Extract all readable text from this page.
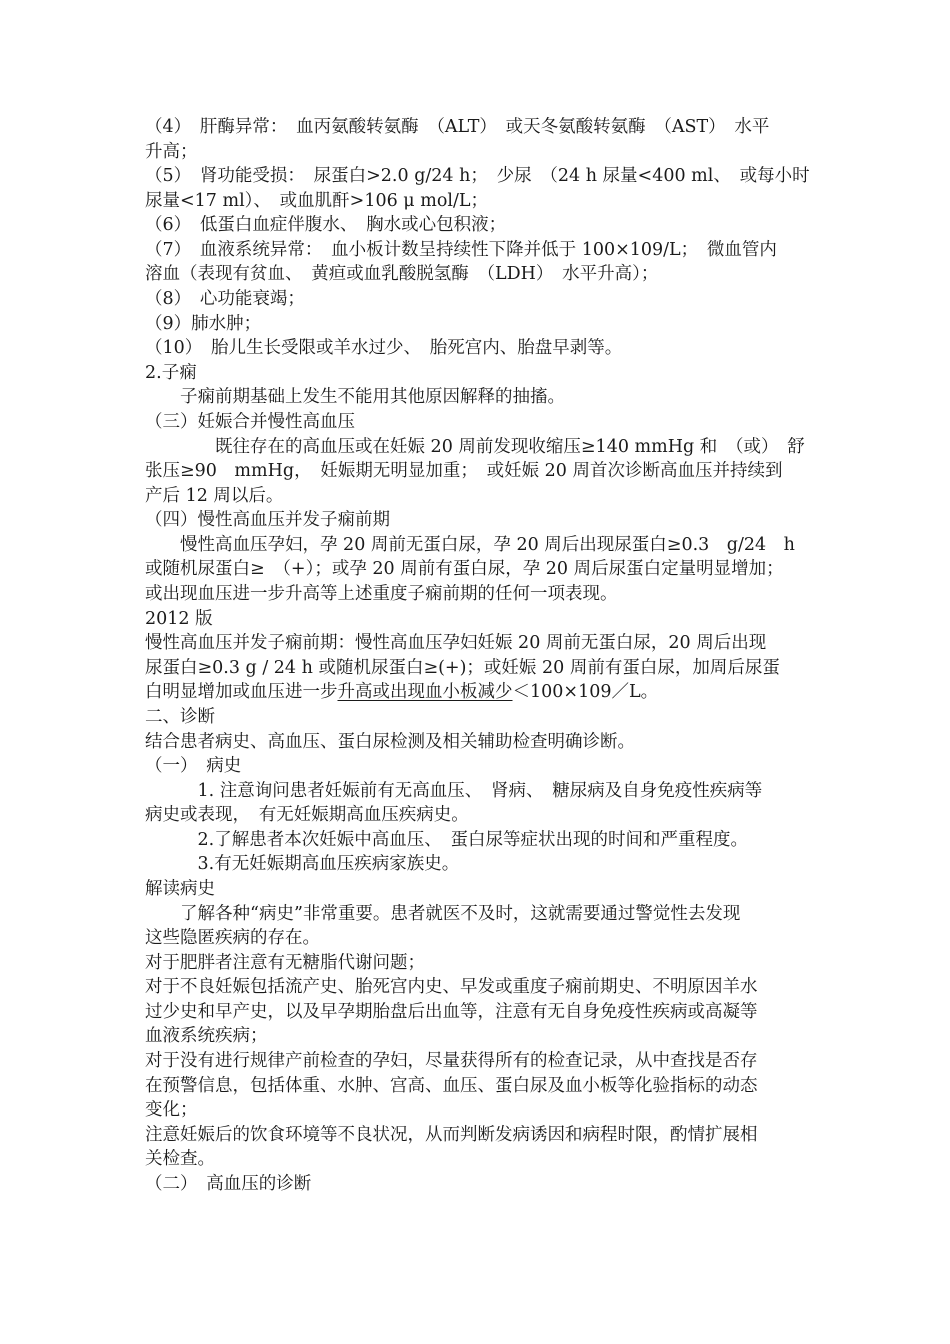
（4）　肝酶异常：　血丙氨酸转氨酶　（ALT）　或天冬氨酸转氨酶　（AST）　水平
升高；
（5）　肾功能受损：　尿蛋白>2.0 g/24 h；　少尿　（24 h 尿量<400 ml、　或每小时
尿量<17 ml）、　或血肌酐>106 μ mol/L；
（6）　低蛋白血症伴腹水、　胸水或心包积液；
（7）　血液系统异常：　血小板计数呈持续性下降并低于 100×109/L；　微血管内
溶血（表现有贫血、　黄疸或血乳酸脱氢酶　（LDH）　水平升高）；
（8）　心功能衰竭；
（9）肺水肿；
（10）　胎儿生长受限或羊水过少、　胎死宫内、胎盘早剥等。
2.子痫
　　子痫前期基础上发生不能用其他原因解释的抽搐。
（三）妊娠合并慢性高血压
　　　　既往存在的高血压或在妊娠 20 周前发现收缩压≥140 mmHg 和　（或）　舒
张压≥90　mmHg，　妊娠期无明显加重；　或妊娠 20 周首次诊断高血压并持续到
产后 12 周以后。
（四）慢性高血压并发子痫前期
　　慢性高血压孕妇，孕 20 周前无蛋白尿，孕 20 周后出现尿蛋白≥0.3　g/24　h
或随机尿蛋白≥　（+）；或孕 20 周前有蛋白尿，孕 20 周后尿蛋白定量明显增加；
或出现血压进一步升高等上述重度子痫前期的任何一项表现。
2012 版
慢性高血压并发子痫前期：慢性高血压孕妇妊娠 20 周前无蛋白尿，20 周后出现
尿蛋白≥0.3 g / 24 h 或随机尿蛋白≥(+)；或妊娠 20 周前有蛋白尿，加周后尿蛋
白明显增加或血压进一步升高或出现血小板减少＜100×109／L。
二、诊断
结合患者病史、高血压、蛋白尿检测及相关辅助检查明确诊断。
（一）　病史
　　　1. 注意询问患者妊娠前有无高血压、　肾病、　糖尿病及自身免疫性疾病等
病史或表现，　有无妊娠期高血压疾病史。
　　　2.了解患者本次妊娠中高血压、　蛋白尿等症状出现的时间和严重程度。
　　　3.有无妊娠期高血压疾病家族史。
解读病史
　　了解各种“病史”非常重要。患者就医不及时，这就需要通过警觉性去发现
这些隐匿疾病的存在。
对于肥胖者注意有无糖脂代谢问题；
对于不良妊娠包括流产史、胎死宫内史、早发或重度子痫前期史、不明原因羊水
过少史和早产史，以及早孕期胎盘后出血等，注意有无自身免疫性疾病或高凝等
血液系统疾病；
对于没有进行规律产前检查的孕妇，尽量获得所有的检查记录，从中查找是否存
在预警信息，包括体重、水肿、宫高、血压、蛋白尿及血小板等化验指标的动态
变化；
注意妊娠后的饮食环境等不良状况，从而判断发病诱因和病程时限，酌情扩展相
关检查。
（二）　高血压的诊断
